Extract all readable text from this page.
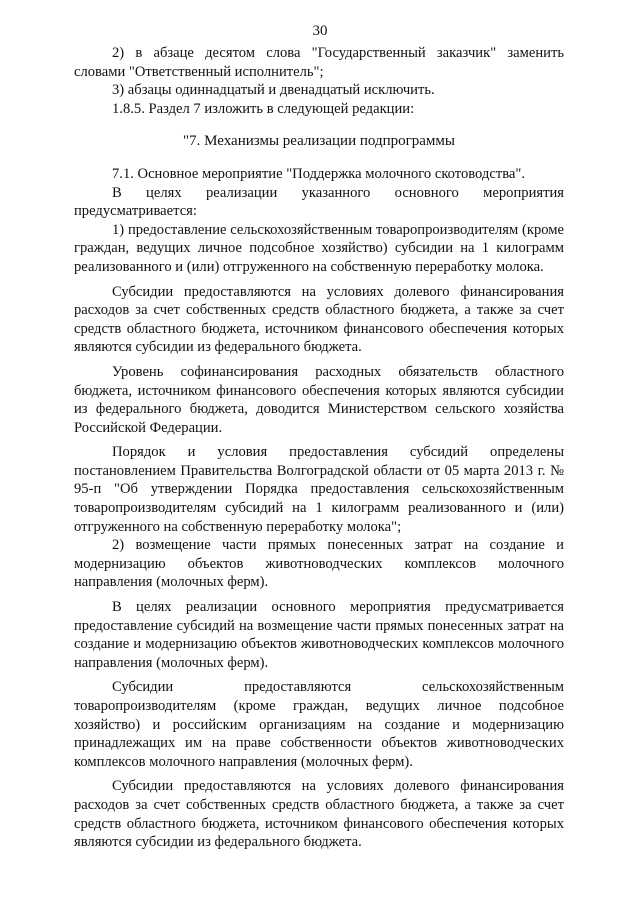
30

2) в абзаце десятом слова "Государственный заказчик" заменить словами "Ответственный исполнитель";

3) абзацы одиннадцатый и двенадцатый исключить.

1.8.5. Раздел 7 изложить в следующей редакции:

"7. Механизмы реализации подпрограммы

7.1. Основное мероприятие "Поддержка молочного скотоводства".

В целях реализации указанного основного мероприятия предусматривается:

1) предоставление сельскохозяйственным товаропроизводителям (кроме граждан, ведущих личное подсобное хозяйство) субсидии на 1 килограмм реализованного и (или) отгруженного на собственную переработку молока.

Субсидии предоставляются на условиях долевого финансирования расходов за счет собственных средств областного бюджета, а также за счет средств областного бюджета, источником финансового обеспечения которых являются субсидии из федерального бюджета.

Уровень софинансирования расходных обязательств областного бюджета, источником финансового обеспечения которых являются субсидии из федерального бюджета, доводится Министерством сельского хозяйства Российской Федерации.

Порядок и условия предоставления субсидий определены постановлением Правительства Волгоградской области от 05 марта 2013 г. № 95-п "Об утверждении Порядка предоставления сельскохозяйственным товаропроизводителям субсидий на 1 килограмм реализованного и (или) отгруженного на собственную переработку молока";

2) возмещение части прямых понесенных затрат на создание и модернизацию объектов животноводческих комплексов молочного направления (молочных ферм).

В целях реализации основного мероприятия предусматривается предоставление субсидий на возмещение части прямых понесенных затрат на создание и модернизацию объектов животноводческих комплексов молочного направления (молочных ферм).

Субсидии предоставляются сельскохозяйственным товаропроизводителям (кроме граждан, ведущих личное подсобное хозяйство) и российским организациям на создание и модернизацию принадлежащих им на праве собственности объектов животноводческих комплексов молочного направления (молочных ферм).

Субсидии предоставляются на условиях долевого финансирования расходов за счет собственных средств областного бюджета, а также за счет средств областного бюджета, источником финансового обеспечения которых являются субсидии из федерального бюджета.
